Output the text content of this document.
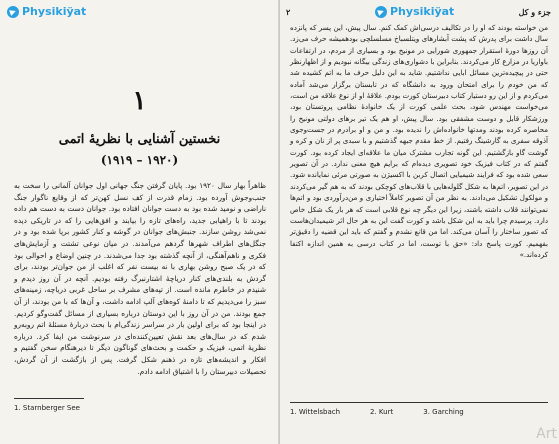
Physikiÿat
۱
نخستین آشنایی با نظریهٔ اتمی
(۱۹۱۹ – ۱۹۲۰)
ظاهراً بهار سال ۱۹۲۰ بود. پایان گرفتن جنگ جهانی اول جوانان آلمانی را سخت به جنب‌وجوش آورده بود. زمام قدرت از کف نسل کهن‌تر که از وقایع ناگوار جنگ ناراضی و نومید شده بود به دست جوانان افتاده بود. جوانان دست به دست هم داده بودند تا با راهیابی جدید، راه‌های تازه را بیابند و افق‌هایی را که در تاریکی دیده نمی‌شد روشن سازند. جنبش‌های جوانان در گوشه و کنار کشور برپا شده بود و در جنگل‌های اطراف شهرها گردهم می‌آمدند. در میان نوعی تشتت و آزمایش‌های فکری و ناهم‌آهنگی، از آنچه گذشته بود جدا می‌شدند. در چنین اوضاع و احوالی بود که در یک صبح روشن بهاری با نه بیست نفر که اغلب از من جوان‌تر بودند، برای گردش به بلندی‌های کنار دریاچهٔ اشتارنبرگ رفته بودیم. آنچه در آن روز دیدم و شنیدم در خاطرم مانده است. از تپه‌های مشرف بر ساحل غربی دریاچه، زمینه‌های سبز را می‌دیدیم که تا دامنهٔ کوه‌های آلپ ادامه داشت، و آن‌ها که با من بودند، از آن جمع بودند. من در آن روز با این دوستان درباره بسیاری از مسائل گفت‌وگو کردیم. در اینجا بود که برای اولین بار در سراسر زندگی‌ام با بحث دربارهٔ مسئلهٔ اتم روبه‌رو شدم که در سال‌های بعد نقش تعیین‌کننده‌ای در سرنوشت من ایفا کرد. درباره نظریهٔ اتمی، فیزیک و حکمت و بحث‌های گوناگون دیگر تا دیرهنگام سخن گفتیم و افکار و اندیشه‌های تازه در ذهنم شکل گرفت. پس از بازگشت از آن گردش، تحصیلات دبیرستان را با اشتیاق ادامه دادم.
1. Starnberger See
۲	Physikiÿat	جزء و کل
من خواسته بودند که او را در تکالیف درسی‌اش کمک کنم. سال پیش، این پسر که پانزده سال داشت برای پدرش که پشت آبشارهای ویتلسباخ مسلسلچی بودهمیشه حرف می‌زد. آن روزها دورهٔ استقرار جمهوری شورایی در مونیخ بود و بسیاری از مردم، در ارتفاعات باواریا در مزارع کار می‌کردند. بنابراین با دشواری‌های زندگی بیگانه نبودیم و از اظهارنظر حتی در پیچیده‌ترین مسائل ابایی نداشتیم. شاید به این دلیل حرف ما به اتم کشیده شد که من خودم را برای امتحان ورود به دانشگاه که در تابستان برگزار می‌شد آماده می‌کردم و از این رو دستیار کتاب دبیرستان کورت بودم. علاقهٔ او از نوع علاقه من است، می‌خواست مهندس شود، بحث علمی کورت از یک خانوادهٔ نظامی پروتستان بود، ورزشکار قابل و دوست مشفقی بود. سال پیش، او هم یک تیر برهای دولتی مونیخ را محاصره کرده بودند ومدتها خانواده‌اش را ندیده بود. و من و او برادرم در جست‌وجوی آذوقه سفری به گارشینگ رفتیم. از خط مقدم جبهه گذشتیم و با سبدی پر از نان و کره و گوشت گاو بازگشتیم. این گونه تجارب مشترک میان ما علاقه‌ای ایجاد کرده بود. کورت گفتم که در کتاب فیزیک خود تصویری دیده‌ام که برایم هیچ معنی ندارد. در آن تصویر سعی شده بود که فرایند شیمیایی اتصال کربن با اکسیژن به صورتی مرئی نمایانده شود. در این تصویر، اتم‌ها به شکل گلوله‌هایی با قلاب‌های کوچکی بودند که به هم گیر می‌کردند و مولکول تشکیل می‌دادند. به نظر من آن تصویر کاملاً اختیاری و من‌درآوردی بود و اتم‌ها نمی‌توانند قلاب داشته باشند، زیرا این دیگر چه نوع قلابی است که هر بار یک شکل خاص دارد. پرسیدم چرا باید به این شکل باشد و کورت گفت این به هر حال اثر شیمیدان‌هاست که تصور ساختار را آسان می‌کند. اما من قانع نشدم و گفتم که باید این قضیه را دقیق‌تر بفهمیم. کورت پاسخ داد: «حق با توست، اما در کتاب درسی به همین اندازه اکتفا کرده‌اند.»
1. Wittelsbach	2. Kurt	3. Garching
Art
